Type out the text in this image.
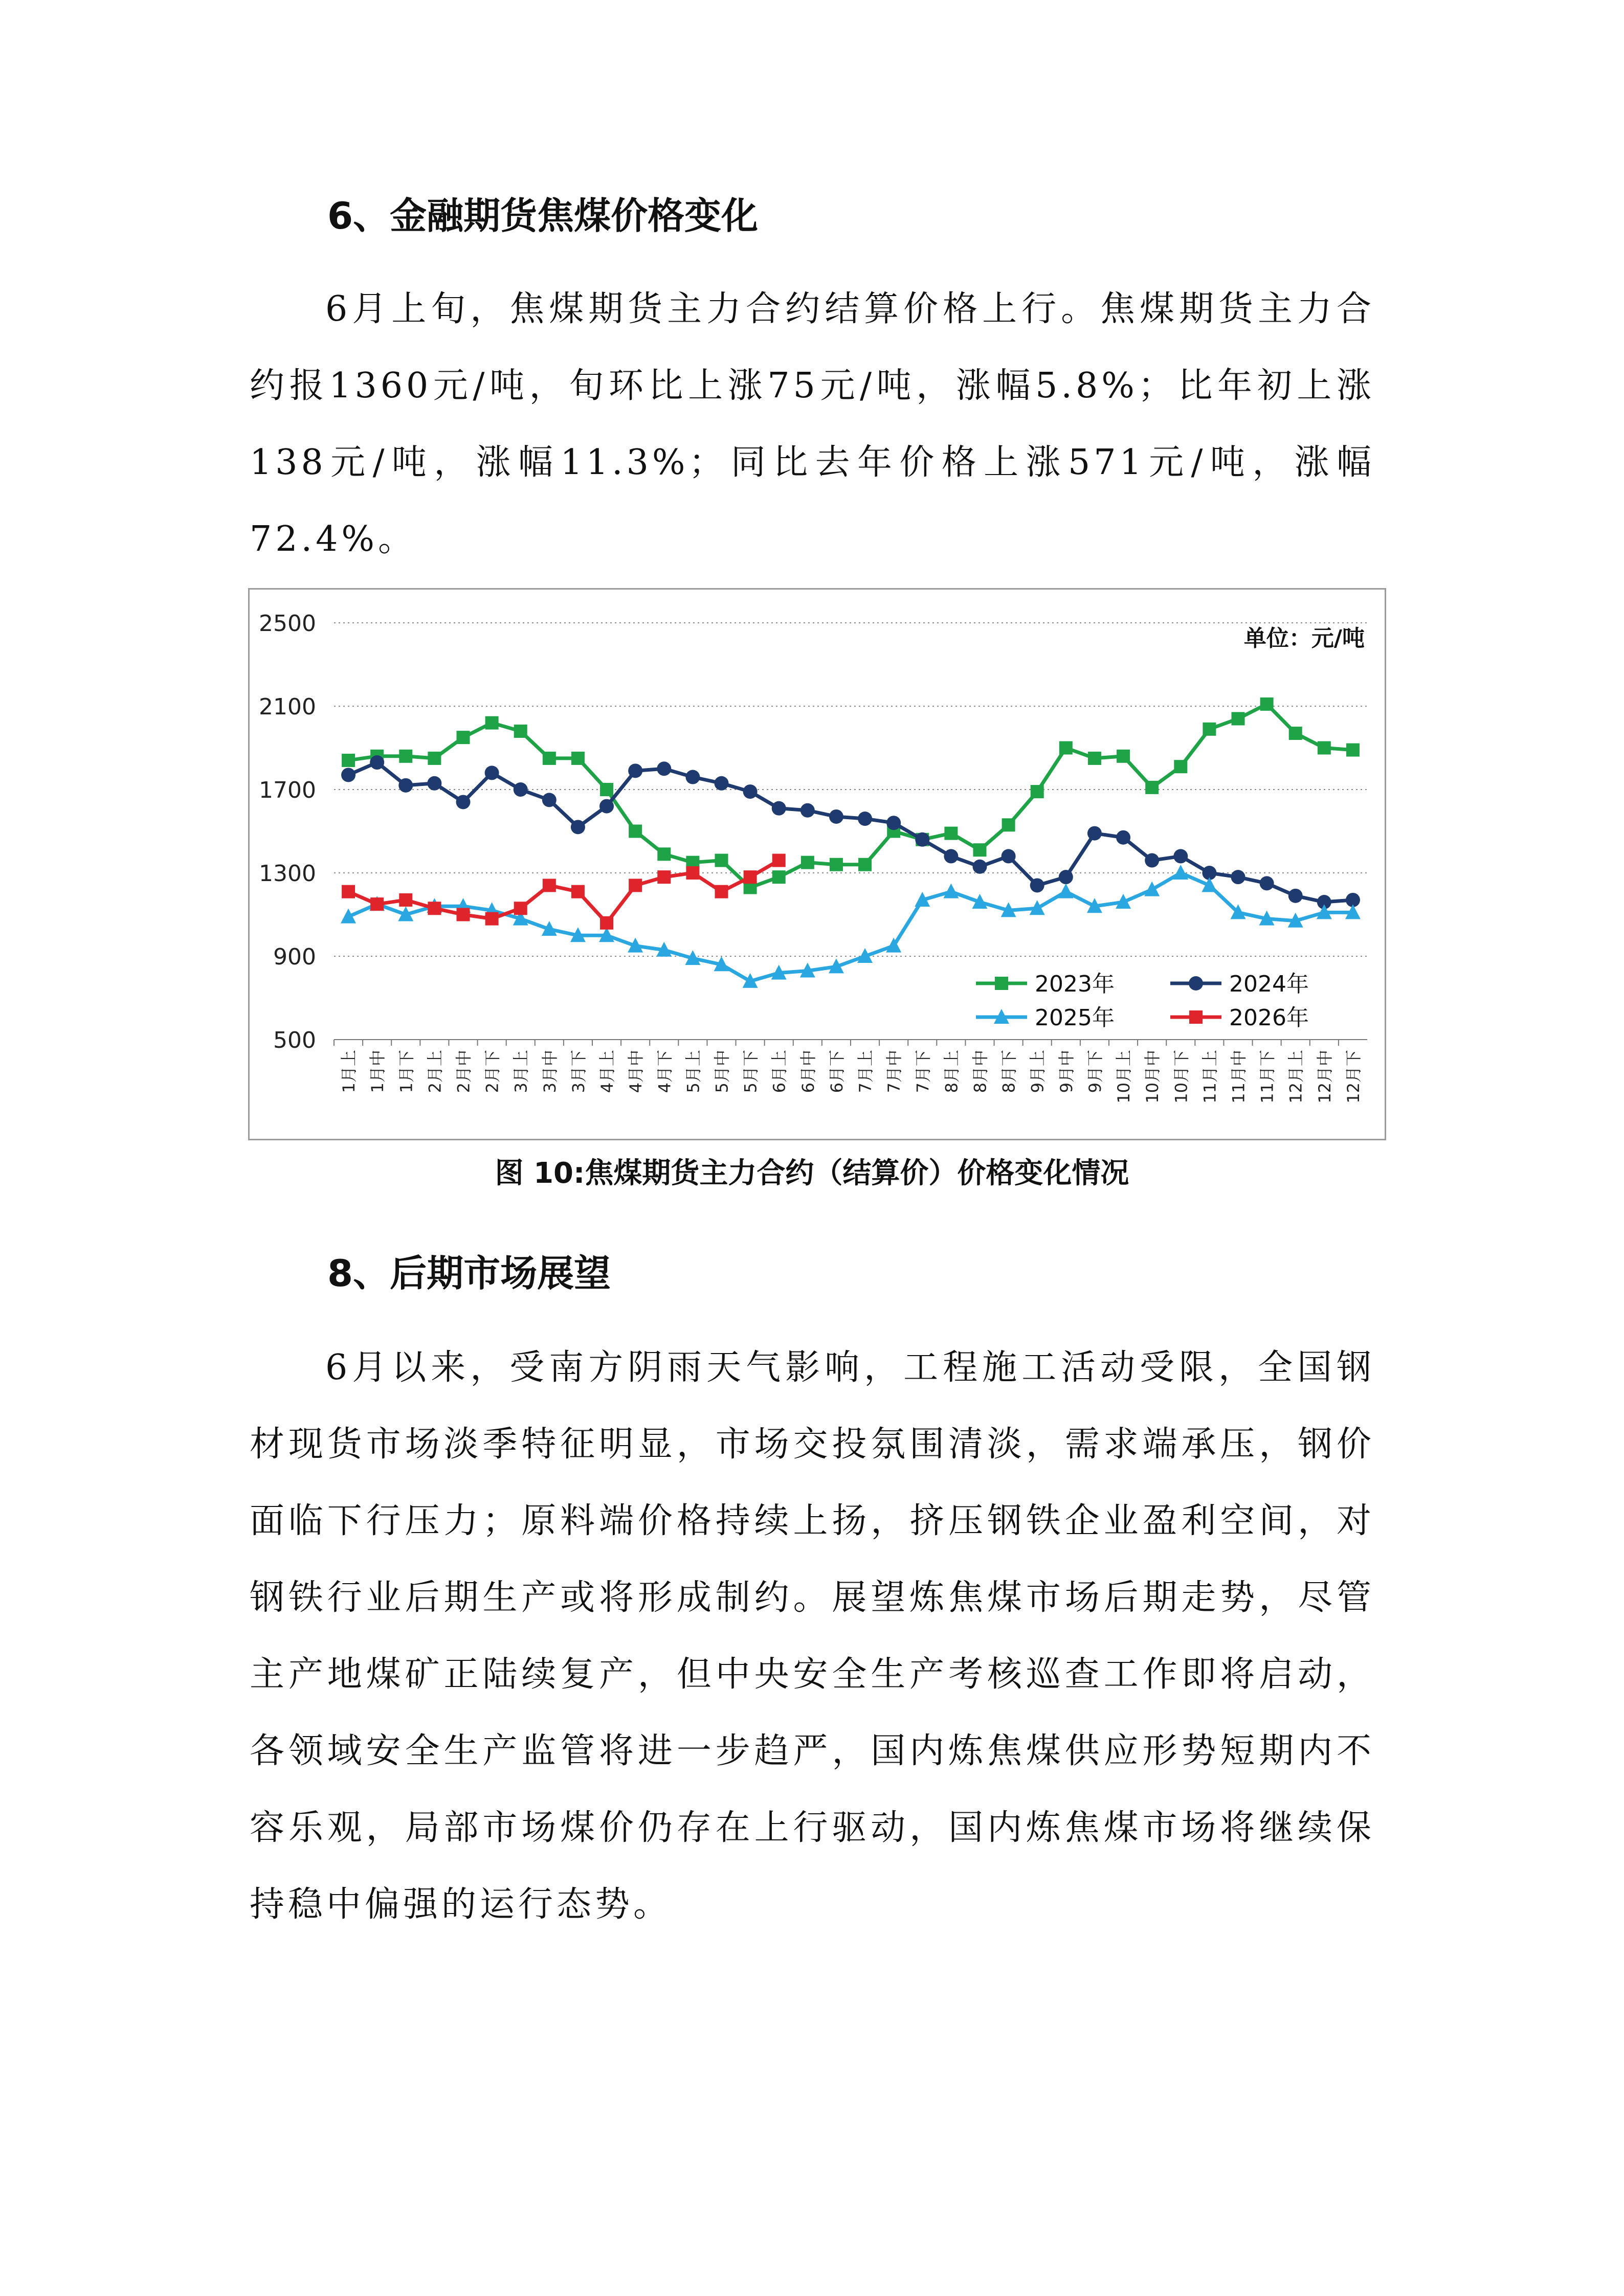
6、金融期货焦煤价格变化

6月上旬，焦煤期货主力合约结算价格上行。焦煤期货主力合约报1360元/吨，旬环比上涨75元/吨，涨幅5.8%；比年初上涨138元/吨，涨幅11.3%；同比去年价格上涨571元/吨，涨幅72.4%。

500
900
1300
1700
2100
2500
1月上 1月中 1月下 2月上 2月中 2月下 3月上 3月中 3月下 4月上 4月中 4月下 5月上 5月中 5月下 6月上 6月中 6月下 7月上 7月中 7月下 8月上 8月中 8月下 9月上 9月中 9月下 10月上 10月中 10月下 11月上 11月中 11月下 12月上 12月中 12月下
单位：元/吨
2023年	2024年
2025年	2026年
图 10:焦煤期货主力合约（结算价）价格变化情况
8、后期市场展望

6月以来，受南方阴雨天气影响，工程施工活动受限，全国钢材现货市场淡季特征明显，市场交投氛围清淡，需求端承压，钢价面临下行压力；原料端价格持续上扬，挤压钢铁企业盈利空间，对钢铁行业后期生产或将形成制约。展望炼焦煤市场后期走势，尽管主产地煤矿正陆续复产，但中央安全生产考核巡查工作即将启动，各领域安全生产监管将进一步趋严，国内炼焦煤供应形势短期内不容乐观，局部市场煤价仍存在上行驱动，国内炼焦煤市场将继续保持稳中偏强的运行态势。
